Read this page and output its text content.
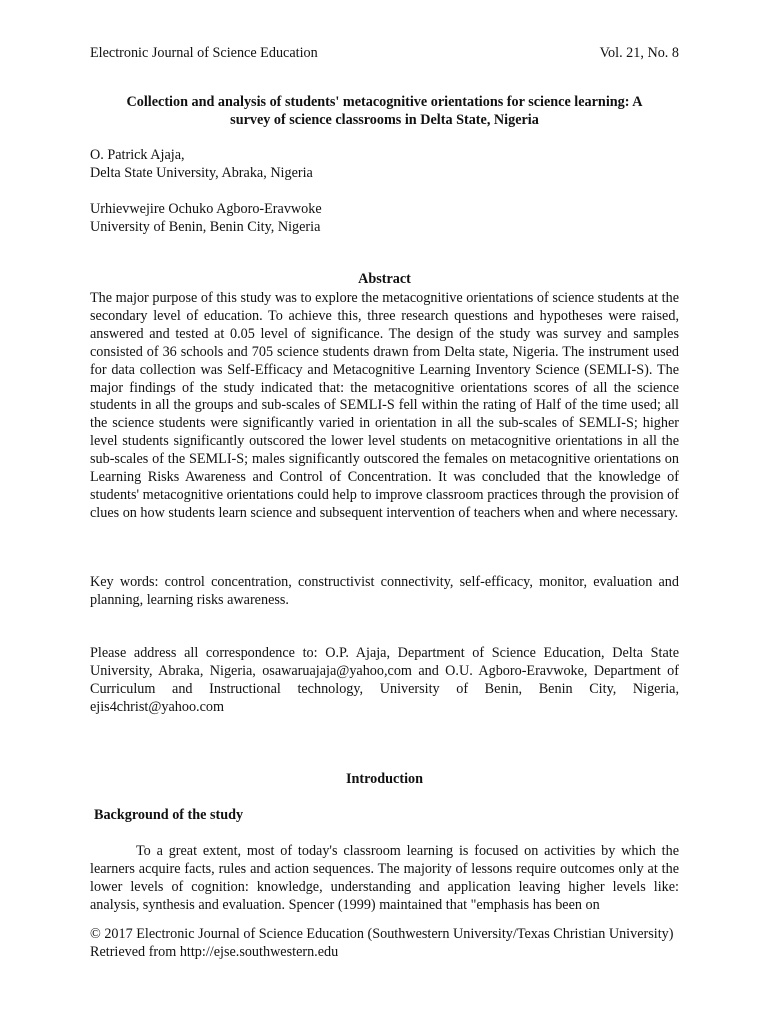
Electronic Journal of Science Education	Vol. 21, No. 8
Collection and analysis of students' metacognitive orientations for science learning: A
survey of science classrooms in Delta State, Nigeria
O. Patrick Ajaja,
Delta State University, Abraka, Nigeria
Urhievwejire Ochuko Agboro-Eravwoke
University of Benin, Benin City, Nigeria
Abstract
The major purpose of this study was to explore the metacognitive orientations of science students at the secondary level of education. To achieve this, three research questions and hypotheses were raised, answered and tested at 0.05 level of significance. The design of the study was survey and samples consisted of 36 schools and 705 science students drawn from Delta state, Nigeria. The instrument used for data collection was Self-Efficacy and Metacognitive Learning Inventory Science (SEMLI-S). The major findings of the study indicated that: the metacognitive orientations scores of all the science students in all the groups and sub-scales of SEMLI-S fell within the rating of Half of the time used; all the science students were significantly varied in orientation in all the sub-scales of SEMLI-S; higher level students significantly outscored the lower level students on metacognitive orientations in all the sub-scales of the SEMLI-S; males significantly outscored the females on metacognitive orientations on Learning Risks Awareness and Control of Concentration. It was concluded that the knowledge of students' metacognitive orientations could help to improve classroom practices through the provision of clues on how students learn science and subsequent intervention of teachers when and where necessary.
Key words: control concentration, constructivist connectivity, self-efficacy, monitor, evaluation and planning, learning risks awareness.
Please address all correspondence to: O.P. Ajaja, Department of Science Education, Delta State University, Abraka, Nigeria, osawaruajaja@yahoo,com and O.U. Agboro-Eravwoke, Department of Curriculum and Instructional technology, University of Benin, Benin City, Nigeria, ejis4christ@yahoo.com
Introduction
Background of the study
To a great extent, most of today's classroom learning is focused on activities by which the learners acquire facts, rules and action sequences. The majority of lessons require outcomes only at the lower levels of cognition: knowledge, understanding and application leaving higher levels like: analysis, synthesis and evaluation. Spencer (1999) maintained that "emphasis has been on
© 2017 Electronic Journal of Science Education (Southwestern University/Texas Christian University)
Retrieved from http://ejse.southwestern.edu
